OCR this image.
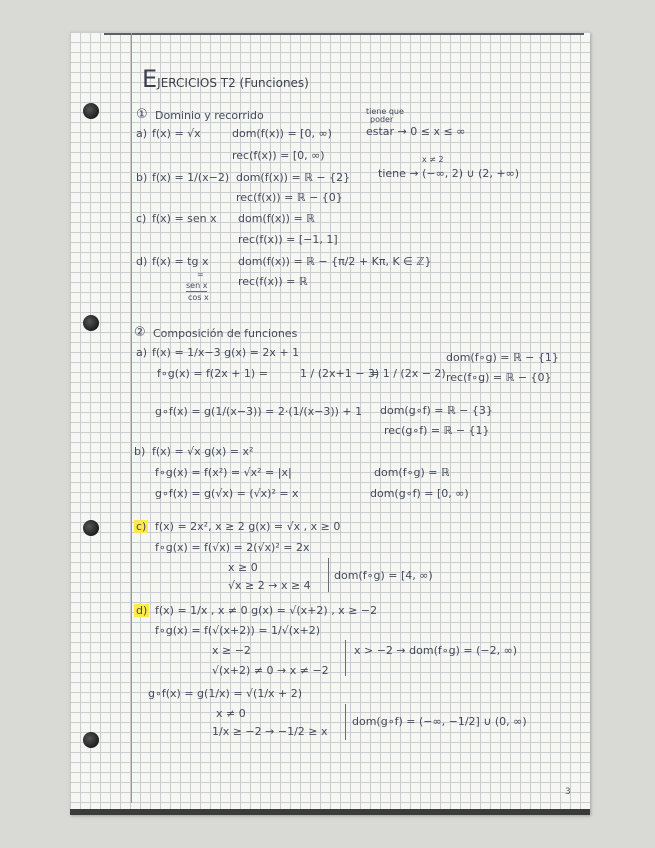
EJERCICIOS T2 (Funciones)
① Dominio y recorrido	tiene que
poder
estar → 0 ≤ x ≤ ∞
a) f(x) = √x	dom(f(x)) = [0, ∞)
rec(f(x)) = [0, ∞)
b) f(x) = 1/(x−2) dom(f(x)) = ℝ − {2}
x ≠ 2
tiene → (−∞, 2) ∪ (2, +∞)
rec(f(x)) = ℝ − {0}
c) f(x) = sen x dom(f(x)) = ℝ
rec(f(x)) = [−1, 1]
d) f(x) = tg x	dom(f(x)) = ℝ − {π/2 + Kπ, K ∈ ℤ}
=
sen x
cos x
rec(f(x)) = ℝ
② Composición de funciones
a) f(x) = 1/x−3 g(x) = 2x + 1
f∘g(x) = f(2x + 1) =	1 / (2x+1 − 3)
= 1 / (2x − 2)
dom(f∘g) = ℝ − {1}
rec(f∘g) = ℝ − {0}
g∘f(x) = g(1/(x−3)) = 2·(1/(x−3)) + 1 dom(g∘f) = ℝ − {3}
rec(g∘f) = ℝ − {1}
b) f(x) = √x g(x) = x²
f∘g(x) = f(x²) = √x² = |x|	dom(f∘g) = ℝ
g∘f(x) = g(√x) = (√x)² = x	dom(g∘f) = [0, ∞)
c) f(x) = 2x², x ≥ 2 g(x) = √x , x ≥ 0
f∘g(x) = f(√x) = 2(√x)² = 2x
x ≥ 0
√x ≥ 2 → x ≥ 4
dom(f∘g) = [4, ∞)
d) f(x) = 1/x , x ≠ 0 g(x) = √(x+2) , x ≥ −2
f∘g(x) = f(√(x+2)) = 1/√(x+2)
x ≥ −2
√(x+2) ≠ 0 → x ≠ −2
x > −2 → dom(f∘g) = (−2, ∞)
g∘f(x) = g(1/x) = √(1/x + 2)
x ≠ 0
1/x ≥ −2 → −1/2 ≥ x
dom(g∘f) = (−∞, −1/2] ∪ (0, ∞)
3
